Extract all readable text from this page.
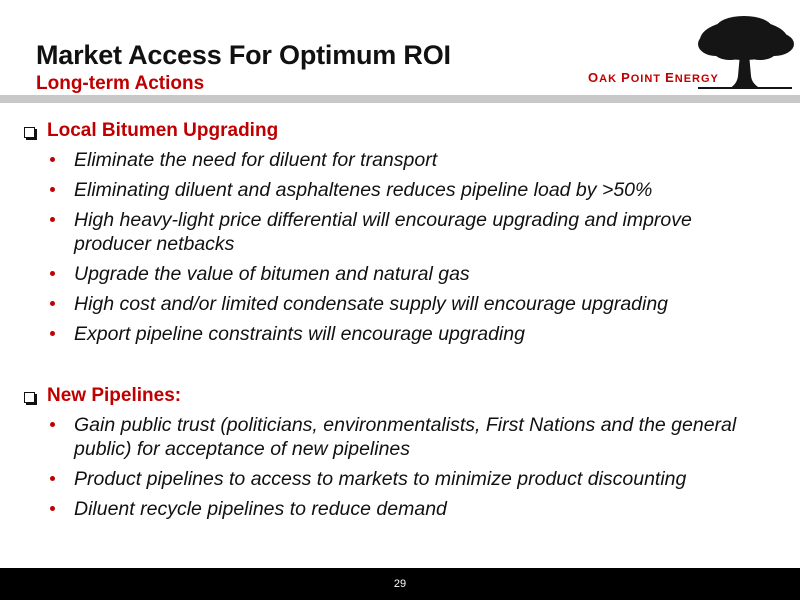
Market Access For Optimum ROI
Long-term Actions	OAK POINT ENERGY
Local Bitumen Upgrading
Eliminate the need for diluent for transport
Eliminating diluent and asphaltenes reduces pipeline load by >50%
High heavy-light price differential will encourage upgrading and improve producer netbacks
Upgrade the value of bitumen and natural gas
High cost and/or limited condensate supply will encourage upgrading
Export pipeline constraints will encourage upgrading
New Pipelines:
Gain public trust (politicians, environmentalists, First Nations and the general public) for acceptance of new pipelines
Product pipelines to access to markets to minimize product discounting
Diluent recycle pipelines to reduce demand
29
